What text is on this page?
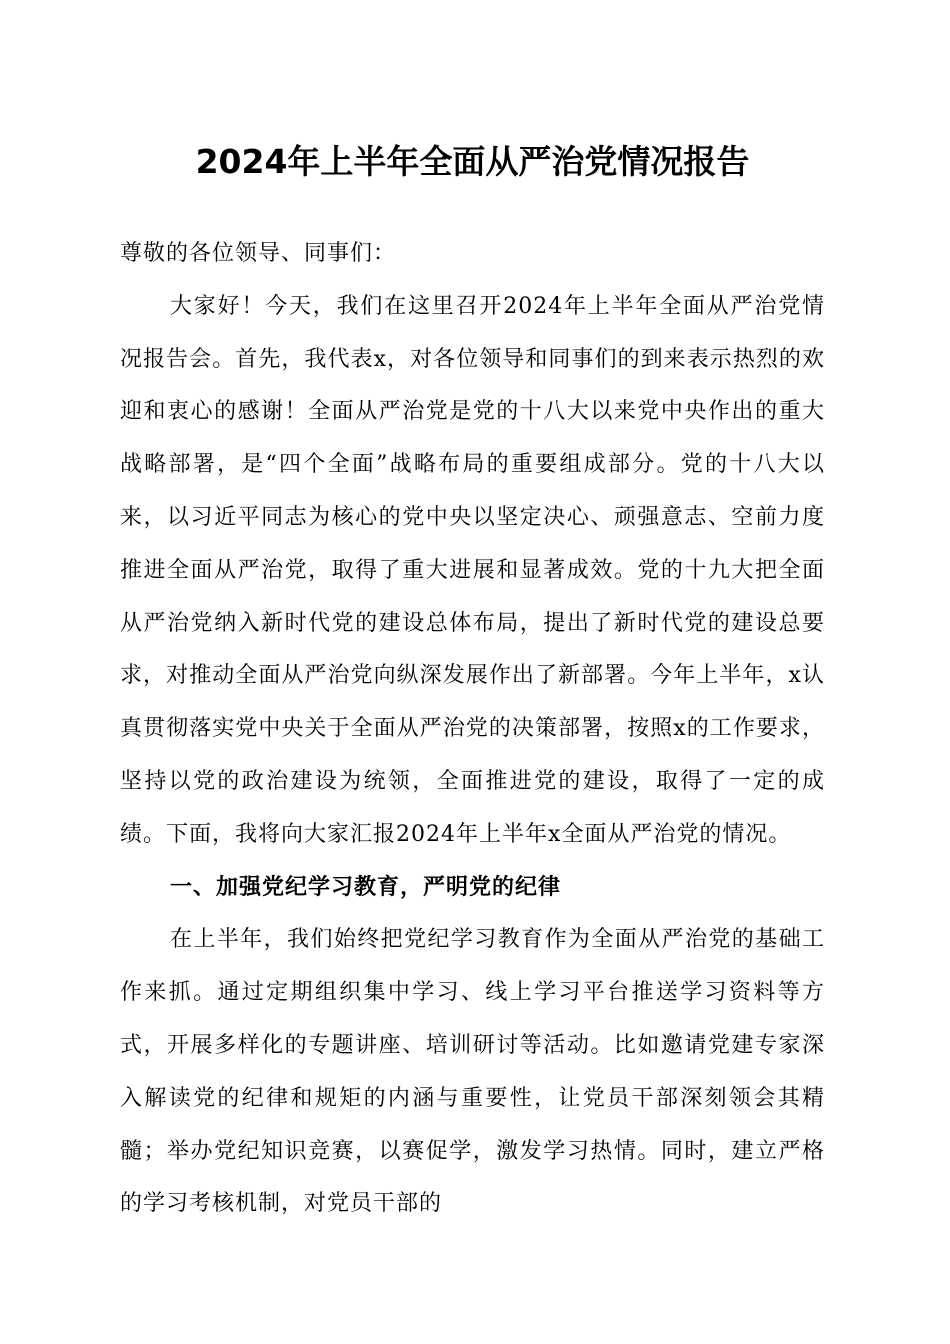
2024年上半年全面从严治党情况报告

尊敬的各位领导、同事们：

大家好！今天，我们在这里召开2024年上半年全面从严治党情况报告会。首先，我代表x，对各位领导和同事们的到来表示热烈的欢迎和衷心的感谢！全面从严治党是党的十八大以来党中央作出的重大战略部署，是“四个全面”战略布局的重要组成部分。党的十八大以来，以习近平同志为核心的党中央以坚定决心、顽强意志、空前力度推进全面从严治党，取得了重大进展和显著成效。党的十九大把全面从严治党纳入新时代党的建设总体布局，提出了新时代党的建设总要求，对推动全面从严治党向纵深发展作出了新部署。今年上半年，x认真贯彻落实党中央关于全面从严治党的决策部署，按照x的工作要求，坚持以党的政治建设为统领，全面推进党的建设，取得了一定的成绩。下面，我将向大家汇报2024年上半年x全面从严治党的情况。

一、加强党纪学习教育，严明党的纪律

在上半年，我们始终把党纪学习教育作为全面从严治党的基础工作来抓。通过定期组织集中学习、线上学习平台推送学习资料等方式，开展多样化的专题讲座、培训研讨等活动。比如邀请党建专家深入解读党的纪律和规矩的内涵与重要性，让党员干部深刻领会其精髓；举办党纪知识竞赛，以赛促学，激发学习热情。同时，建立严格的学习考核机制，对党员干部的
